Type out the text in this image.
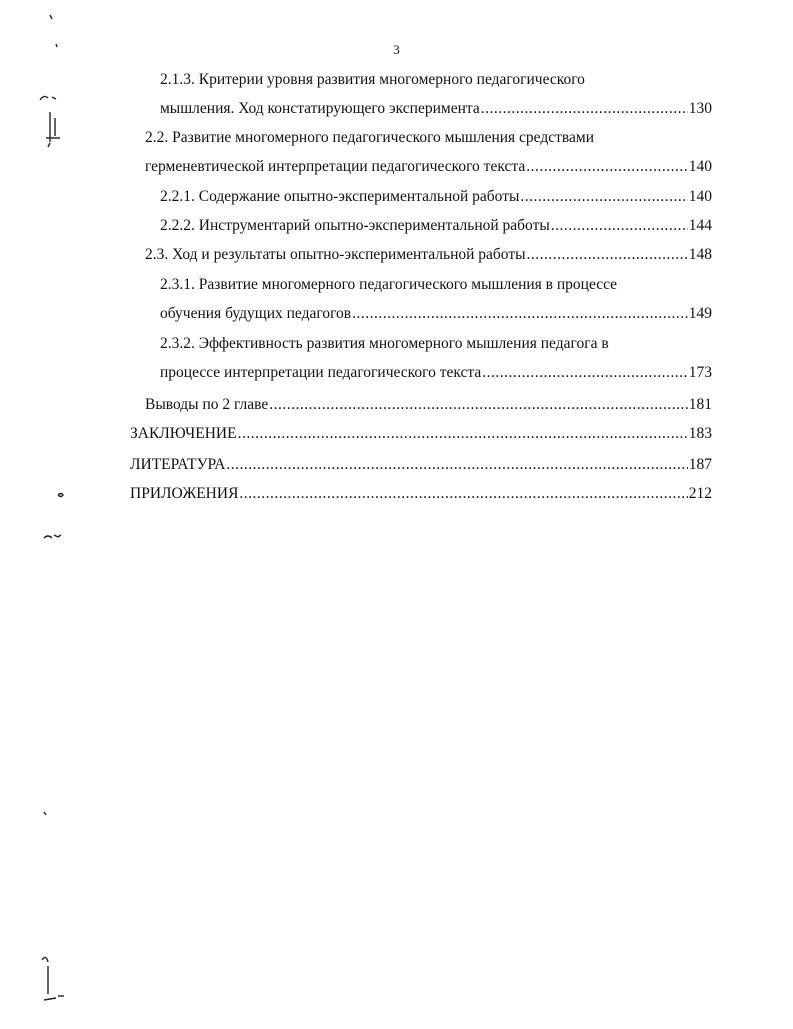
3
2.1.3. Критерии уровня развития многомерного педагогического
мышления. Ход констатирующего эксперимента .....	130
2.2. Развитие многомерного педагогического мышления средствами
герменевтической интерпретации педагогического текста .....	140
2.2.1. Содержание опытно-экспериментальной работы .....	140
2.2.2. Инструментарий опытно-экспериментальной работы .....	144
2.3. Ход и результаты опытно-экспериментальной работы .....	148
2.3.1. Развитие многомерного педагогического мышления в процессе
обучения будущих педагогов .....	149
2.3.2. Эффективность развития многомерного мышления педагога в
процессе интерпретации педагогического текста .....	173
Выводы по 2 главе .....	181
ЗАКЛЮЧЕНИЕ .....	183
ЛИТЕРАТУРА .....	187
ПРИЛОЖЕНИЯ .....	212
